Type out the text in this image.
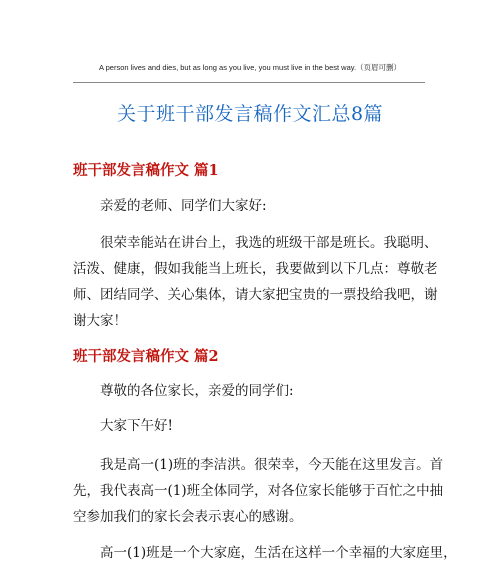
A person lives and dies, but as long as you live, you must live in the best way.（页眉可删）
关于班干部发言稿作文汇总8篇
班干部发言稿作文 篇1
亲爱的老师、同学们大家好:
很荣幸能站在讲台上，我选的班级干部是班长。我聪明、
活泼、健康，假如我能当上班长，我要做到以下几点：尊敬老
师、团结同学、关心集体，请大家把宝贵的一票投给我吧，谢
谢大家！
班干部发言稿作文 篇2
尊敬的各位家长，亲爱的同学们:
大家下午好!
我是高一(1)班的李洁洪。很荣幸，今天能在这里发言。首
先，我代表高一(1)班全体同学，对各位家长能够于百忙之中抽
空参加我们的家长会表示衷心的感谢。
高一(1)班是一个大家庭，生活在这样一个幸福的大家庭里，
